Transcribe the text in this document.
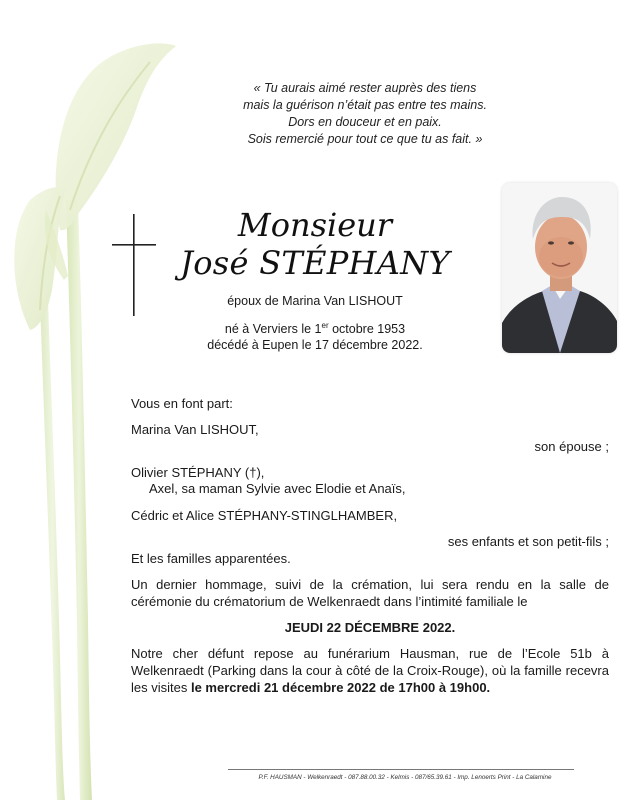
« Tu aurais aimé rester auprès des tiens
mais la guérison n’était pas entre tes mains.
Dors en douceur et en paix.
Sois remercié pour tout ce que tu as fait. »
Monsieur
José STÉPHANY
époux de Marina Van LISHOUT
né à Verviers le 1er octobre 1953
décédé à Eupen le 17 décembre 2022.
Vous en font part:
Marina Van LISHOUT,
son épouse ;
Olivier STÉPHANY (†),
Axel, sa maman Sylvie avec Elodie et Anaïs,
Cédric et Alice STÉPHANY-STINGLHAMBER,
ses enfants et son petit-fils ;
Et les familles apparentées.
Un dernier hommage, suivi de la crémation, lui sera rendu en la salle de cérémonie du crématorium de Welkenraedt dans l’intimité familiale le
JEUDI 22 DÉCEMBRE 2022.
Notre cher défunt repose au funérarium Hausman, rue de l’Ecole 51b à Welkenraedt (Parking dans la cour à côté de la Croix-Rouge), où la famille recevra les visites le mercredi 21 décembre 2022 de 17h00 à 19h00.
P.F. HAUSMAN - Welkenraedt - 087.88.00.32 - Kelmis - 087/65.39.61 - Imp. Lenoerts Print - La Calamine
